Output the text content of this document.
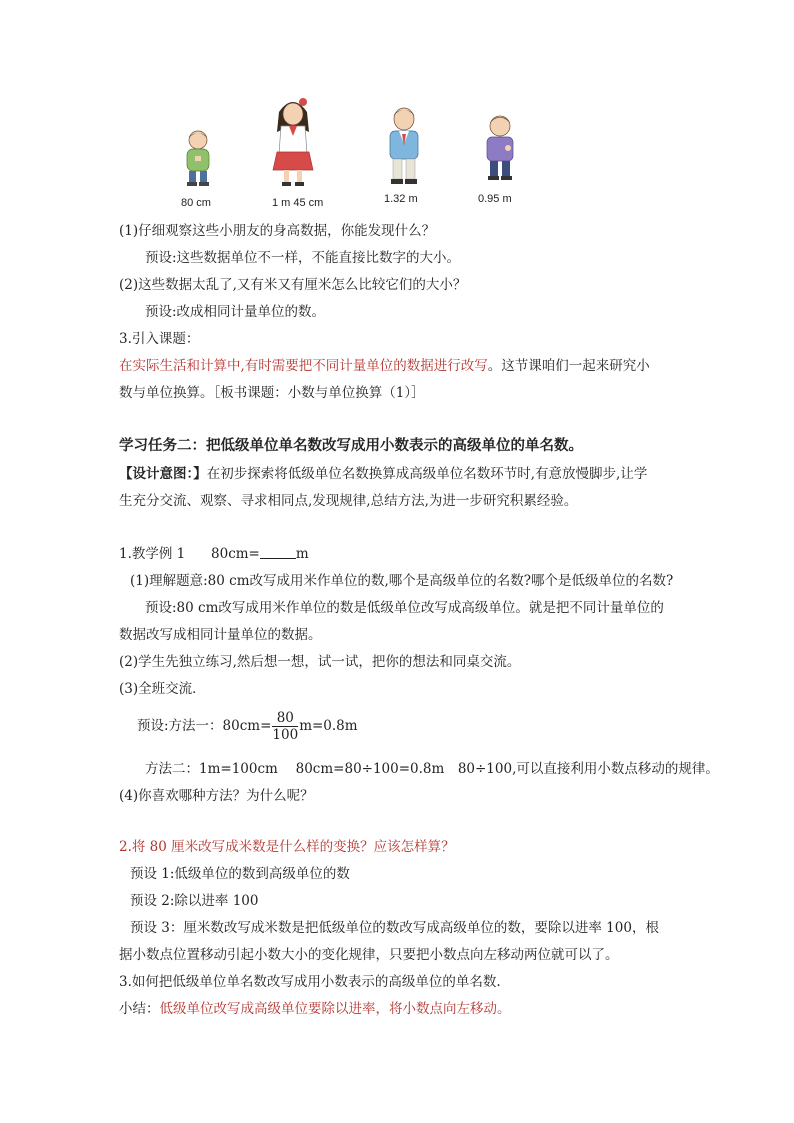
80 cm	1 m 45 cm	1.32 m	0.95 m
(1)仔细观察这些小朋友的身高数据，你能发现什么？
预设:这些数据单位不一样，不能直接比数字的大小。
(2)这些数据太乱了,又有米又有厘米怎么比较它们的大小？
预设:改成相同计量单位的数。
3.引入课题：
在实际生活和计算中,有时需要把不同计量单位的数据进行改写。这节课咱们一起来研究小
数与单位换算。［板书课题：小数与单位换算（1）］
学习任务二：把低级单位单名数改写成用小数表示的高级单位的单名数。
【设计意图：】在初步探索将低级单位名数换算成高级单位名数环节时,有意放慢脚步,让学
生充分交流、观察、寻求相同点,发现规律,总结方法,为进一步研究积累经验。
1.教学例 1 80cm=	m
(1)理解题意:80 cm改写成用米作单位的数,哪个是高级单位的名数?哪个是低级单位的名数?
预设:80 cm改写成用米作单位的数是低级单位改写成高级单位。就是把不同计量单位的
数据改写成相同计量单位的数据。
(2)学生先独立练习,然后想一想，试一试，把你的想法和同桌交流。
(3)全班交流．
预设:方法一：$80cm= \frac{80}{100} m=0.8m$
方法二：1m=100cm　 80cm=80÷100=0.8m　80÷100,可以直接利用小数点移动的规律。
(4)你喜欢哪种方法？为什么呢？
2.将 80 厘米改写成米数是什么样的变换？应该怎样算？
预设 1:低级单位的数到高级单位的数
预设 2:除以进率 100
预设 3：厘米数改写成米数是把低级单位的数改写成高级单位的数，要除以进率 100，根
据小数点位置移动引起小数大小的变化规律，只要把小数点向左移动两位就可以了。
3.如何把低级单位单名数改写成用小数表示的高级单位的单名数.
小结：低级单位改写成高级单位要除以进率，将小数点向左移动。
